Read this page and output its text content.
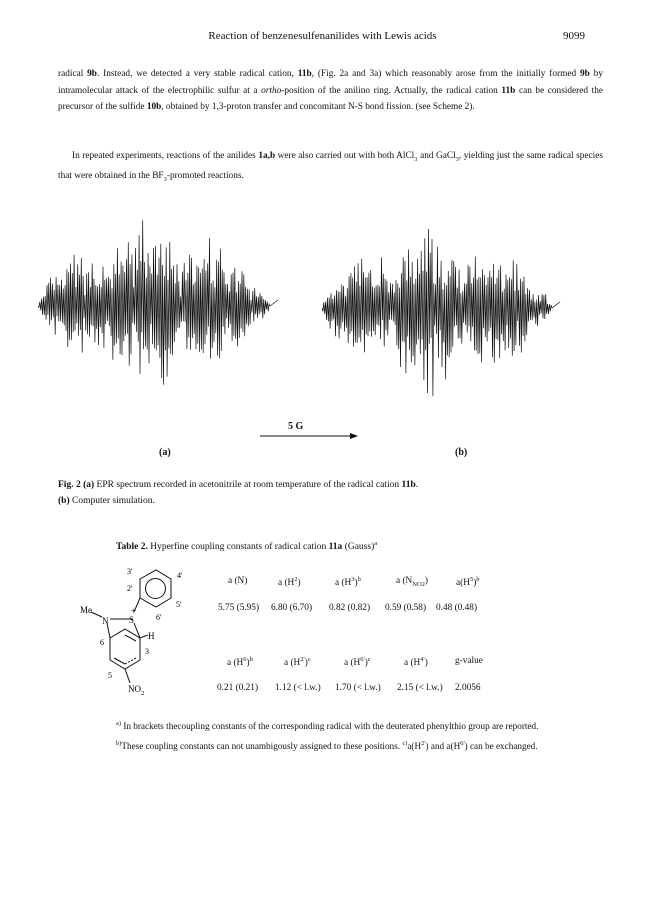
Reaction of benzenesulfenanilides with Lewis acids	9099
radical 9b. Instead, we detected a very stable radical cation, 11b, (Fig. 2a and 3a) which reasonably arose from the initially formed 9b by intramolecular attack of the electrophilic sulfur at a ortho-position of the anilino ring. Actually, the radical cation 11b can be considered the precursor of the sulfide 10b, obtained by 1,3-proton transfer and concomitant N-S bond fission. (see Scheme 2).
In repeated experiments, reactions of the anilides 1a,b were also carried out with both AlCl$_3$ and GaCl$_3$, yielding just the same radical species that were obtained in the $BF_3$-promoted reactions.
5 G
(a)	(b)
Fig. 2 (a) EPR spectrum recorded in acetonitrile at room temperature of the radical cation 11b.
(b) Computer simulation.
Table 2. Hyperfine coupling constants of radical cation 11a (Gauss)$^a$
3'	4'
2'
5'
6'
Me
N S
+
H
6
3
5
$NO_2$
a (N)	a $(H^2)$	a $(H^3)^b$	a $(N_{NO2})$	$a(H^5)^b$
5.75 (5.95) 6.80 (6.70) 0.82 (0.82) 0.59 (0.58) 0.48 (0.48)
a $(H^6)^b$	a $(H^{2'})^c$	a $(H^{6'})^c$	a $(H^{4'})$	g-value
0.21 (0.21) 1.12 (< l.w.) 1.70 (< l.w.) 2.15 (< l.w.) 2.0056
$^{a)}$ In brackets thecoupling constants of the corresponding radical with the deuterated phenylthio group are reported. $^{b)}$These coupling constants can not unambigously assigned to these positions. $^{c)}a(H^{2'})$ and $a(H^{6'})$ can be exchanged.
